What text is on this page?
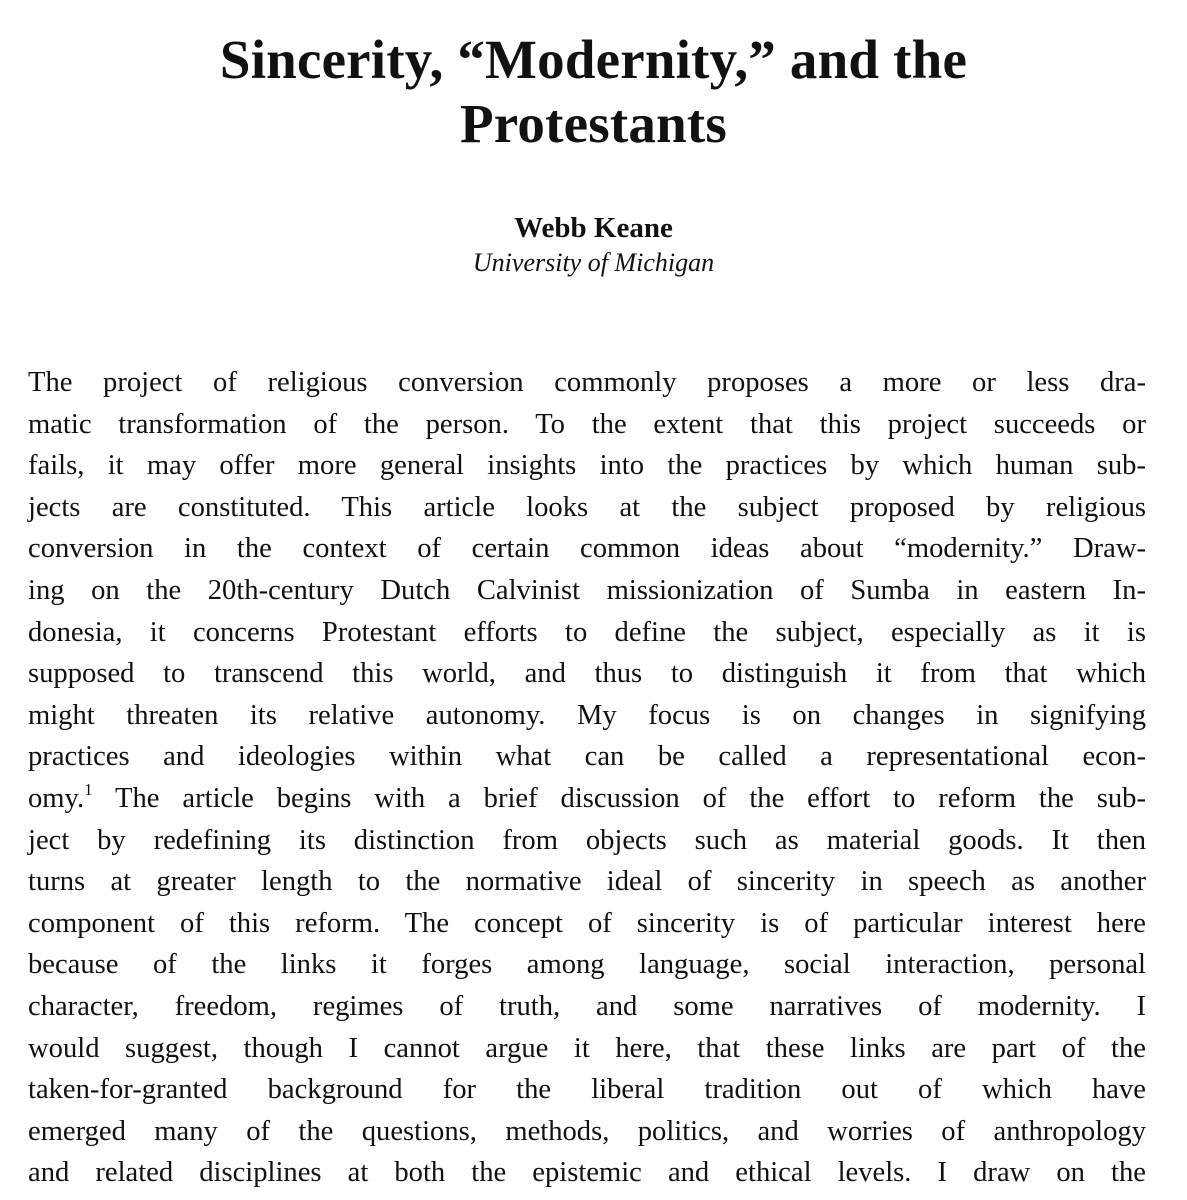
Sincerity, “Modernity,” and the
Protestants
Webb Keane
University of Michigan
The project of religious conversion commonly proposes a more or less dra-
matic transformation of the person. To the extent that this project succeeds or
fails, it may offer more general insights into the practices by which human sub-
jects are constituted. This article looks at the subject proposed by religious
conversion in the context of certain common ideas about “modernity.” Draw-
ing on the 20th-century Dutch Calvinist missionization of Sumba in eastern In-
donesia, it concerns Protestant efforts to define the subject, especially as it is
supposed to transcend this world, and thus to distinguish it from that which
might threaten its relative autonomy. My focus is on changes in signifying
practices and ideologies within what can be called a representational econ-
omy.$^1$ The article begins with a brief discussion of the effort to reform the sub-
ject by redefining its distinction from objects such as material goods. It then
turns at greater length to the normative ideal of sincerity in speech as another
component of this reform. The concept of sincerity is of particular interest here
because of the links it forges among language, social interaction, personal
character, freedom, regimes of truth, and some narratives of modernity. I
would suggest, though I cannot argue it here, that these links are part of the
taken-for-granted background for the liberal tradition out of which have
emerged many of the questions, methods, politics, and worries of anthropology
and related disciplines at both the epistemic and ethical levels. I draw on the
